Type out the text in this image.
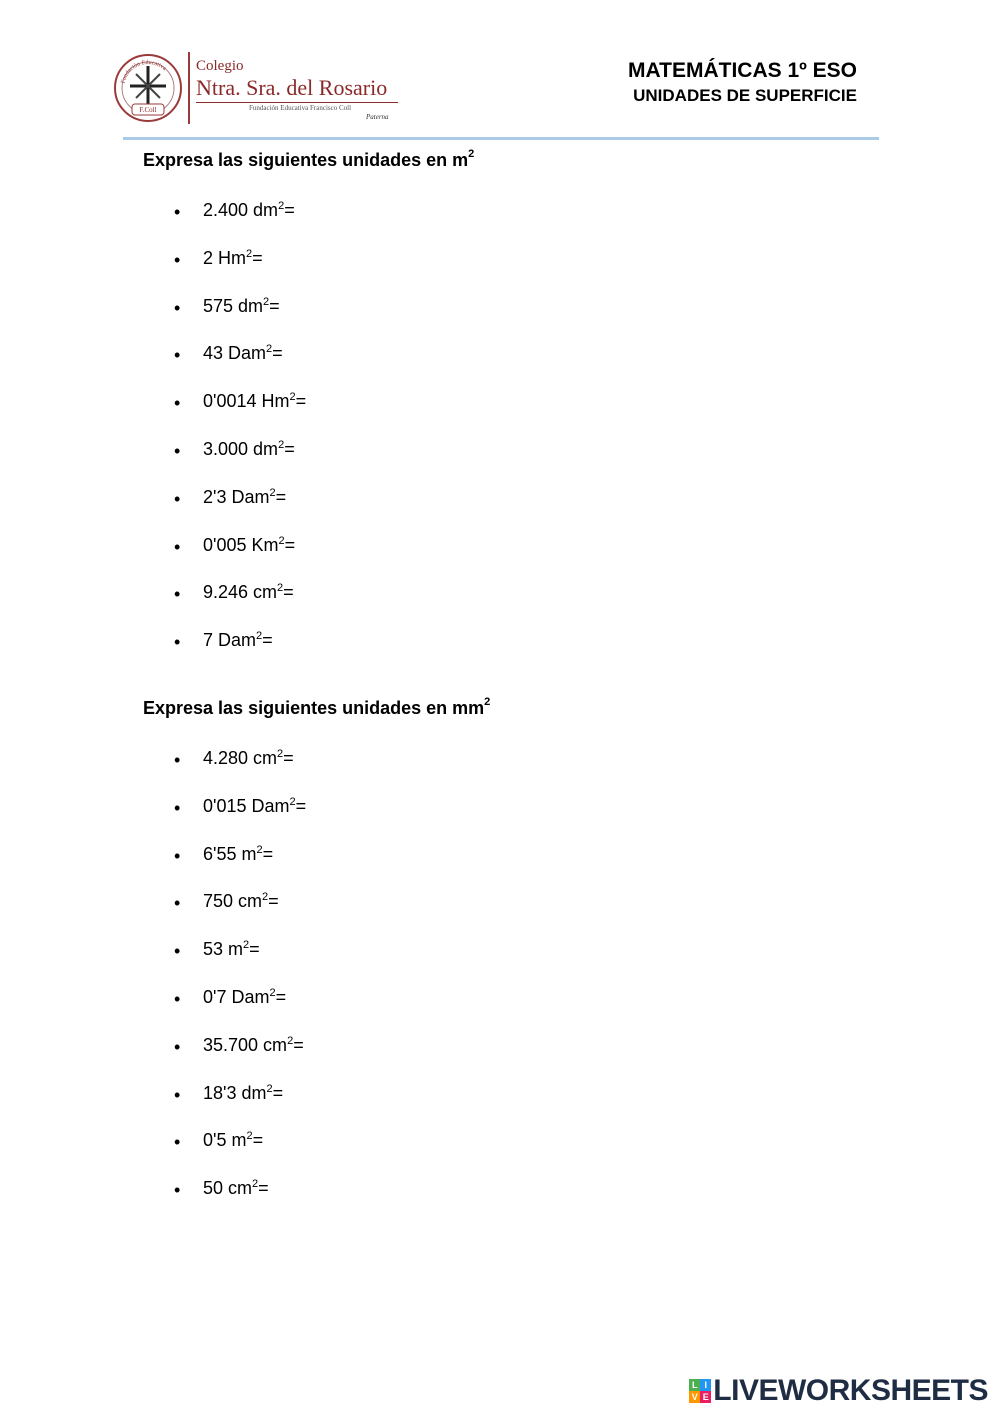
Fundación Educativa
F.Coll
Colegio
Ntra. Sra. del Rosario
Fundación Educativa Francisco Coll
Paterna
MATEMÁTICAS 1º ESO
UNIDADES DE SUPERFICIE
Expresa las siguientes unidades en $m^2$
• 2.400 $dm^2=$
• 2 $Hm^2=$
• 575 $dm^2=$
• 43 Dam$^2$=
• 0'0014 $Hm^2=$
• 3.000 $dm^2=$
• 2'3 Dam$^2$=
• 0'005 $Km^2=$
• 9.246 $cm^2=$
• 7 Dam$^2$=
Expresa las siguientes unidades en $mm^2$
• 4.280 $cm^2=$
• 0'015 Dam$^2$=
• 6'55 $m^2=$
• 750 $cm^2=$
• 53 $m^2=$
• 0'7 Dam$^2$=
• 35.700 $cm^2=$
• 18'3 $dm^2=$
• 0'5 $m^2=$
• 50 $cm^2=$
L I
V E LIVEWORKSHEETS
